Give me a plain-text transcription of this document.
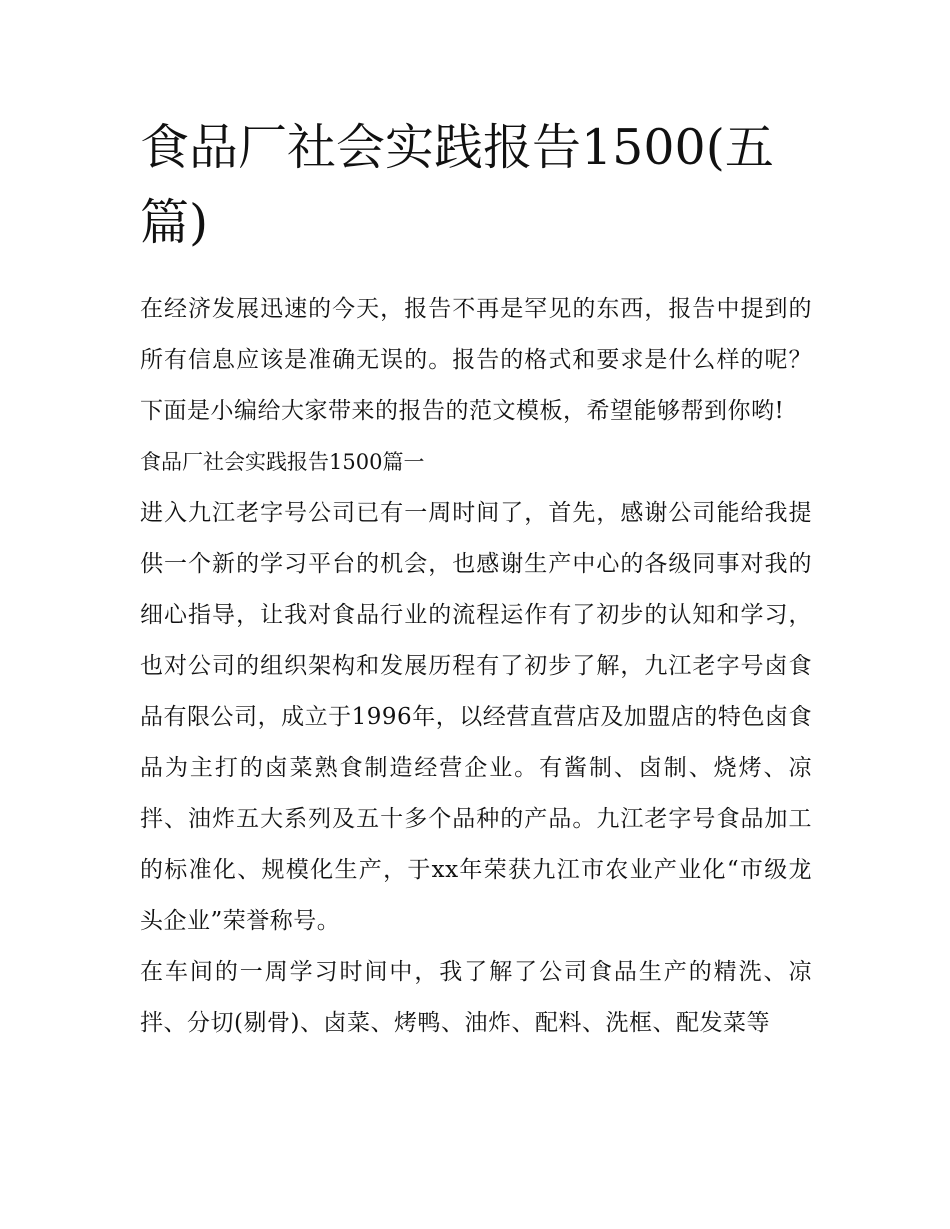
食品厂社会实践报告1500(五篇)

在经济发展迅速的今天，报告不再是罕见的东西，报告中提到的所有信息应该是准确无误的。报告的格式和要求是什么样的呢？下面是小编给大家带来的报告的范文模板，希望能够帮到你哟!

食品厂社会实践报告1500篇一

进入九江老字号公司已有一周时间了，首先，感谢公司能给我提供一个新的学习平台的机会，也感谢生产中心的各级同事对我的细心指导，让我对食品行业的流程运作有了初步的认知和学习，也对公司的组织架构和发展历程有了初步了解，九江老字号卤食品有限公司，成立于1996年，以经营直营店及加盟店的特色卤食品为主打的卤菜熟食制造经营企业。有酱制、卤制、烧烤、凉拌、油炸五大系列及五十多个品种的产品。九江老字号食品加工的标准化、规模化生产，于xx年荣获九江市农业产业化“市级龙头企业”荣誉称号。

在车间的一周学习时间中，我了解了公司食品生产的精洗、凉拌、分切(剔骨)、卤菜、烤鸭、油炸、配料、洗框、配发菜等
